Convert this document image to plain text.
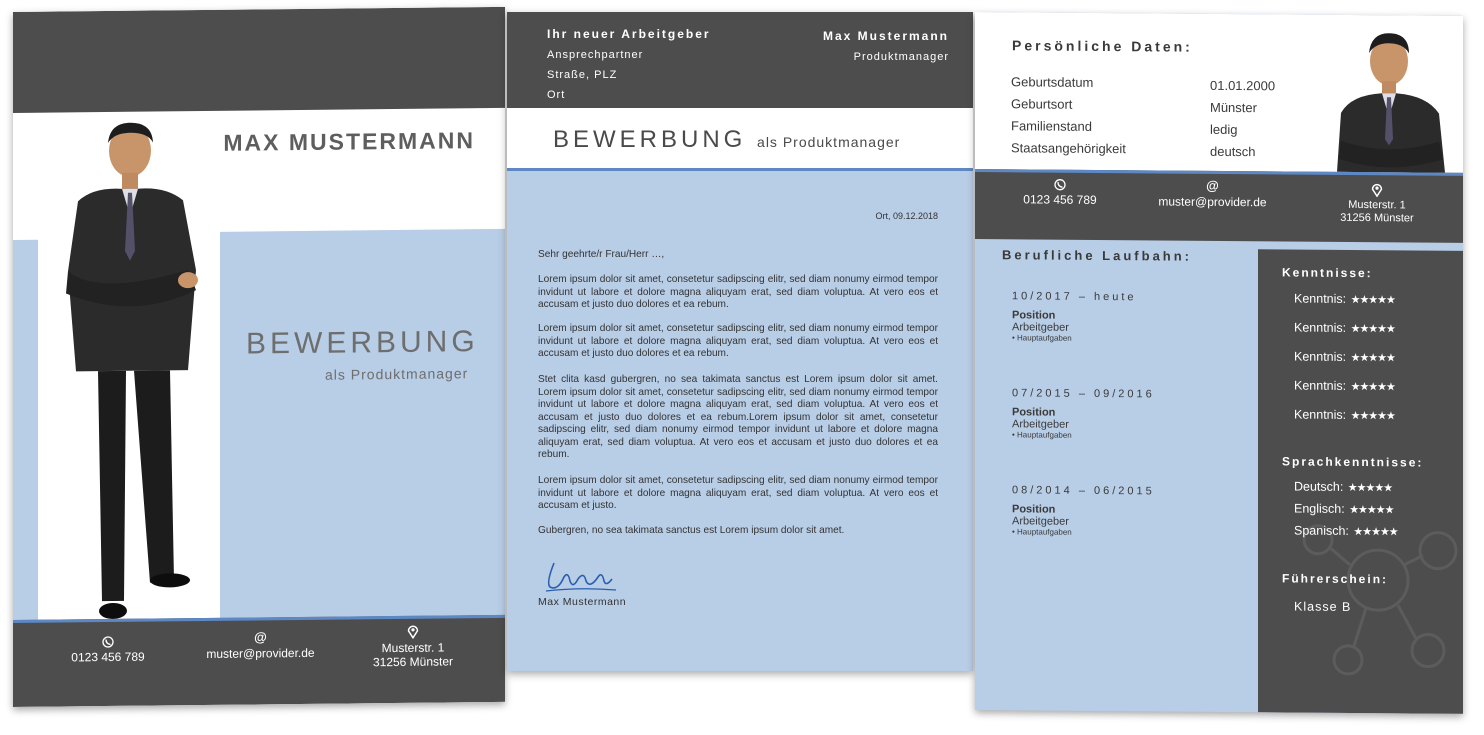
MAX MUSTERMANN
BEWERBUNG
als Produktmanager
0123 456 789
@
muster@provider.de	Musterstr. 1
31256 Münster
Ihr neuer Arbeitgeber
Ansprechpartner
Straße, PLZ
Ort
Max Mustermann
Produktmanager
BEWERBUNG als Produktmanager
Ort, 09.12.2018
Sehr geehrte/r Frau/Herr …,
Lorem ipsum dolor sit amet, consetetur sadipscing elitr, sed diam nonumy eirmod tempor invidunt ut labore et dolore magna aliquyam erat, sed diam voluptua. At vero eos et accusam et justo duo dolores et ea rebum.
Lorem ipsum dolor sit amet, consetetur sadipscing elitr, sed diam nonumy eirmod tempor invidunt ut labore et dolore magna aliquyam erat, sed diam voluptua. At vero eos et accusam et justo duo dolores et ea rebum.
Stet clita kasd gubergren, no sea takimata sanctus est Lorem ipsum dolor sit amet. Lorem ipsum dolor sit amet, consetetur sadipscing elitr, sed diam nonumy eirmod tempor invidunt ut labore et dolore magna aliquyam erat, sed diam voluptua. At vero eos et accusam et justo duo dolores et ea rebum.Lorem ipsum dolor sit amet, consetetur sadipscing elitr, sed diam nonumy eirmod tempor invidunt ut labore et dolore magna aliquyam erat, sed diam voluptua. At vero eos et accusam et justo duo dolores et ea rebum.
Lorem ipsum dolor sit amet, consetetur sadipscing elitr, sed diam nonumy eirmod tempor invidunt ut labore et dolore magna aliquyam erat, sed diam voluptua. At vero eos et accusam et justo.
Gubergren, no sea takimata sanctus est Lorem ipsum dolor sit amet.
Max Mustermann
Persönliche Daten:
Geburtsdatum
Geburtsort
Familienstand
Staatsangehörigkeit
01.01.2000
Münster
ledig
deutsch
0123 456 789
@
muster@provider.de	Musterstr. 1
31256 Münster
Berufliche Laufbahn:
10/2017 – heute
Position
Arbeitgeber
• Hauptaufgaben
07/2015 – 09/2016
Position
Arbeitgeber
• Hauptaufgaben
08/2014 – 06/2015
Position
Arbeitgeber
• Hauptaufgaben
Kenntnisse:
Kenntnis: ★★★★★
Kenntnis: ★★★★★
Kenntnis: ★★★★★
Kenntnis: ★★★★★
Kenntnis: ★★★★★
Sprachkenntnisse:
Deutsch: ★★★★★
Englisch: ★★★★★
Spanisch: ★★★★★
Führerschein:
Klasse B
